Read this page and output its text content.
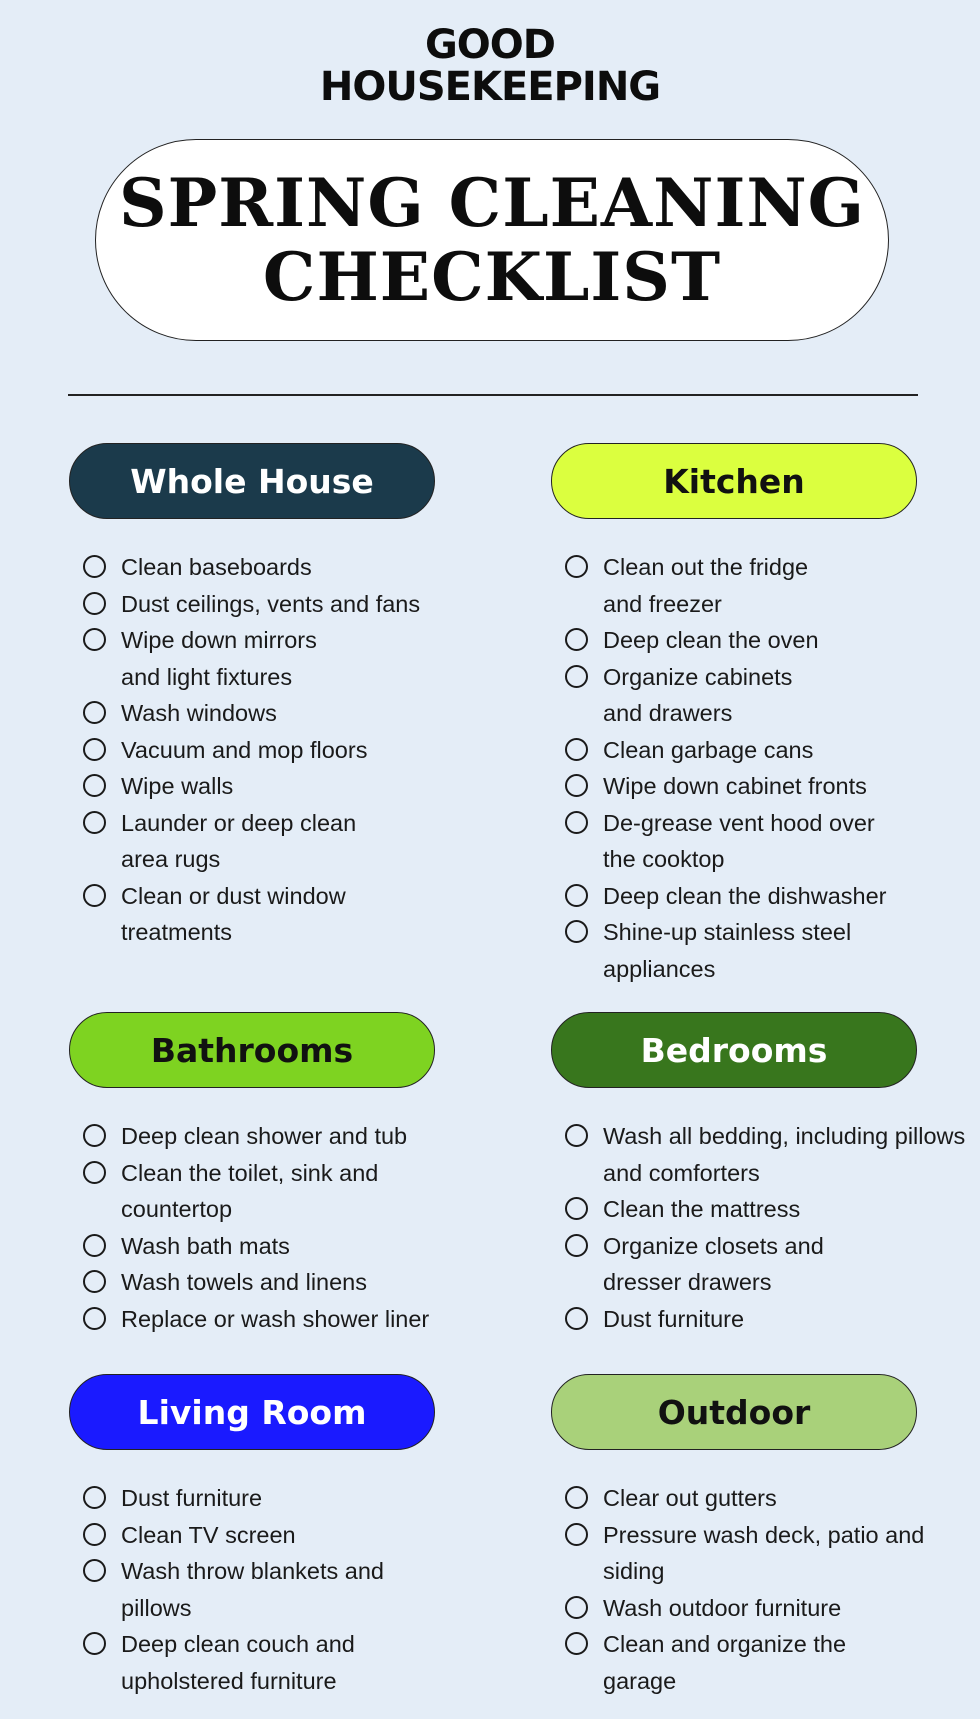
GOOD
HOUSEKEEPING
SPRING CLEANING
CHECKLIST
Whole House
Clean baseboards
Dust ceilings, vents and fans
Wipe down mirrors and light fixtures
Wash windows
Vacuum and mop floors
Wipe walls
Launder or deep clean area rugs
Clean or dust window treatments
Kitchen
Clean out the fridge and freezer
Deep clean the oven
Organize cabinets and drawers
Clean garbage cans
Wipe down cabinet fronts
De-grease vent hood over the cooktop
Deep clean the dishwasher
Shine-up stainless steel appliances
Bathrooms
Deep clean shower and tub
Clean the toilet, sink and countertop
Wash bath mats
Wash towels and linens
Replace or wash shower liner
Bedrooms
Wash all bedding, including pillows and comforters
Clean the mattress
Organize closets and dresser drawers
Dust furniture
Living Room
Dust furniture
Clean TV screen
Wash throw blankets and pillows
Deep clean couch and upholstered furniture
Outdoor
Clear out gutters
Pressure wash deck, patio and siding
Wash outdoor furniture
Clean and organize the garage
